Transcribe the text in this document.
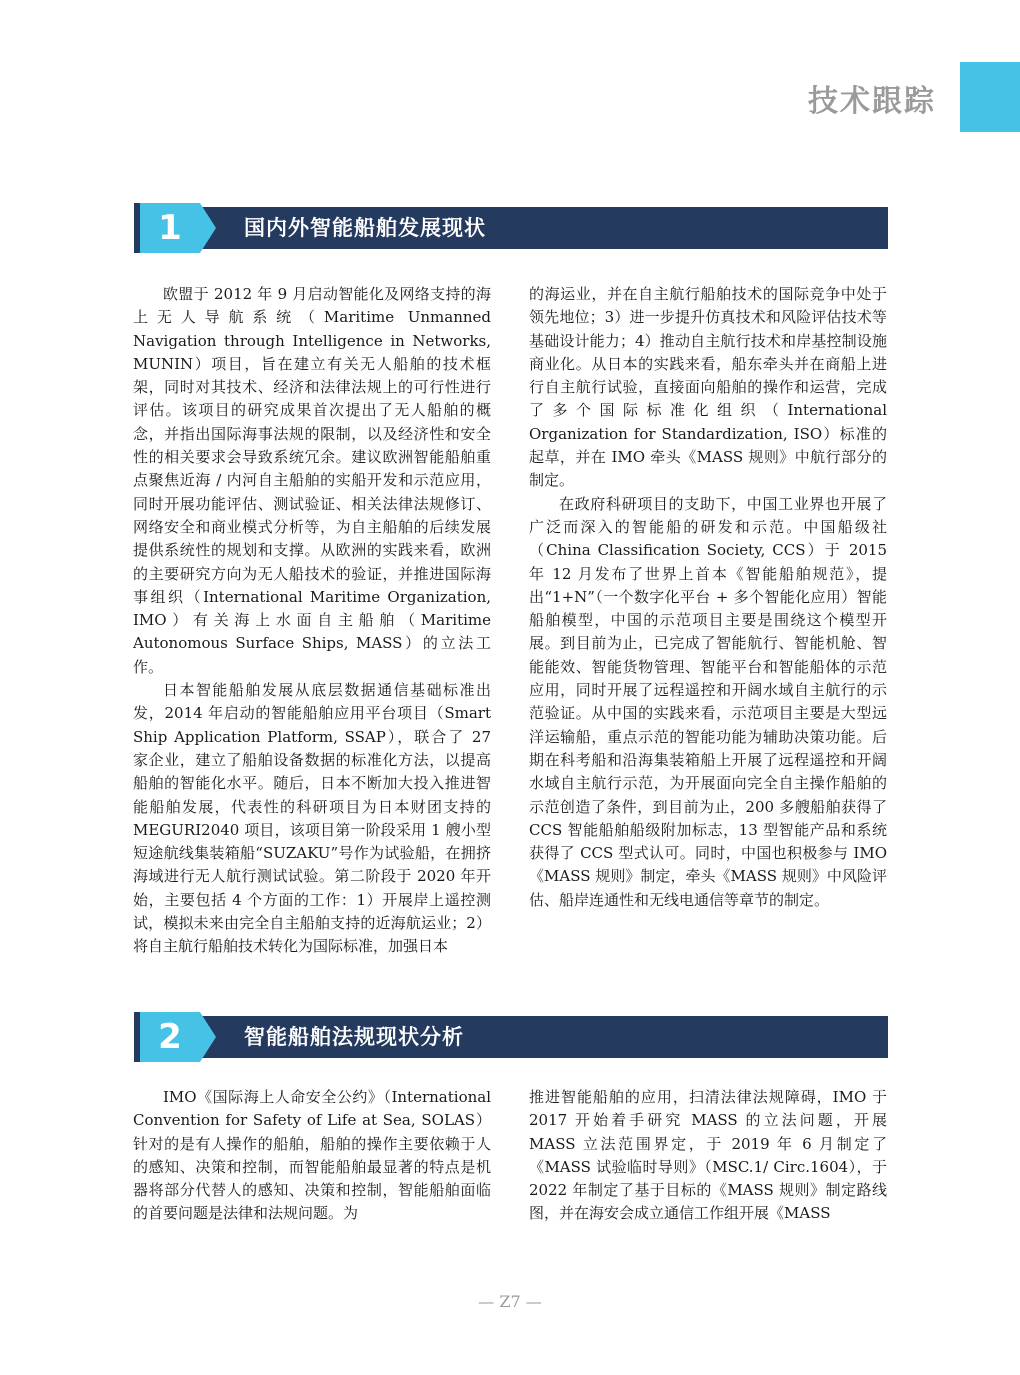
技术跟踪
1	国内外智能船舶发展现状

欧盟于 2012 年 9 月启动智能化及网络支持的海上无人导航系统（Maritime Unmanned Navigation through Intelligence in Networks, MUNIN）项目，旨在建立有关无人船舶的技术框架，同时对其技术、经济和法律法规上的可行性进行评估。该项目的研究成果首次提出了无人船舶的概念，并指出国际海事法规的限制，以及经济性和安全性的相关要求会导致系统冗余。建议欧洲智能船舶重点聚焦近海 / 内河自主船舶的实船开发和示范应用，同时开展功能评估、测试验证、相关法律法规修订、网络安全和商业模式分析等，为自主船舶的后续发展提供系统性的规划和支撑。从欧洲的实践来看，欧洲的主要研究方向为无人船技术的验证，并推进国际海事组织（International Maritime Organization, IMO）有关海上水面自主船舶（Maritime Autonomous Surface Ships, MASS）的立法工作。

日本智能船舶发展从底层数据通信基础标准出发，2014 年启动的智能船舶应用平台项目（Smart Ship Application Platform, SSAP），联合了 27 家企业，建立了船舶设备数据的标准化方法，以提高船舶的智能化水平。随后，日本不断加大投入推进智能船舶发展，代表性的科研项目为日本财团支持的 MEGURI2040 项目，该项目第一阶段采用 1 艘小型短途航线集装箱船“SUZAKU”号作为试验船，在拥挤海域进行无人航行测试试验。第二阶段于 2020 年开始，主要包括 4 个方面的工作：1）开展岸上遥控测试，模拟未来由完全自主船舶支持的近海航运业；2）将自主航行船舶技术转化为国际标准，加强日本

的海运业，并在自主航行船舶技术的国际竞争中处于领先地位；3）进一步提升仿真技术和风险评估技术等基础设计能力；4）推动自主航行技术和岸基控制设施商业化。从日本的实践来看，船东牵头并在商船上进行自主航行试验，直接面向船舶的操作和运营，完成了多个国际标准化组织（International Organization for Standardization, ISO）标准的起草，并在 IMO 牵头《MASS 规则》中航行部分的制定。

在政府科研项目的支助下，中国工业界也开展了广泛而深入的智能船的研发和示范。中国船级社（China Classification Society, CCS）于 2015 年 12 月发布了世界上首本《智能船舶规范》，提出“1+N”（一个数字化平台 + 多个智能化应用）智能船舶模型，中国的示范项目主要是围绕这个模型开展。到目前为止，已完成了智能航行、智能机舱、智能能效、智能货物管理、智能平台和智能船体的示范应用，同时开展了远程遥控和开阔水域自主航行的示范验证。从中国的实践来看，示范项目主要是大型远洋运输船，重点示范的智能功能为辅助决策功能。后期在科考船和沿海集装箱船上开展了远程遥控和开阔水域自主航行示范，为开展面向完全自主操作船舶的示范创造了条件，到目前为止，200 多艘船舶获得了 CCS 智能船舶船级附加标志，13 型智能产品和系统获得了 CCS 型式认可。同时，中国也积极参与 IMO《MASS 规则》制定，牵头《MASS 规则》中风险评估、船岸连通性和无线电通信等章节的制定。

2	智能船舶法规现状分析

IMO《国际海上人命安全公约》（International Convention for Safety of Life at Sea, SOLAS）针对的是有人操作的船舶，船舶的操作主要依赖于人的感知、决策和控制，而智能船舶最显著的特点是机器将部分代替人的感知、决策和控制，智能船舶面临的首要问题是法律和法规问题。为

推进智能船舶的应用，扫清法律法规障碍，IMO 于 2017 开始着手研究 MASS 的立法问题，开展 MASS 立法范围界定，于 2019 年 6 月制定了《MASS 试验临时导则》（MSC.1/ Circ.1604），于 2022 年制定了基于目标的《MASS 规则》制定路线图，并在海安会成立通信工作组开展《MASS

— Z7 —
